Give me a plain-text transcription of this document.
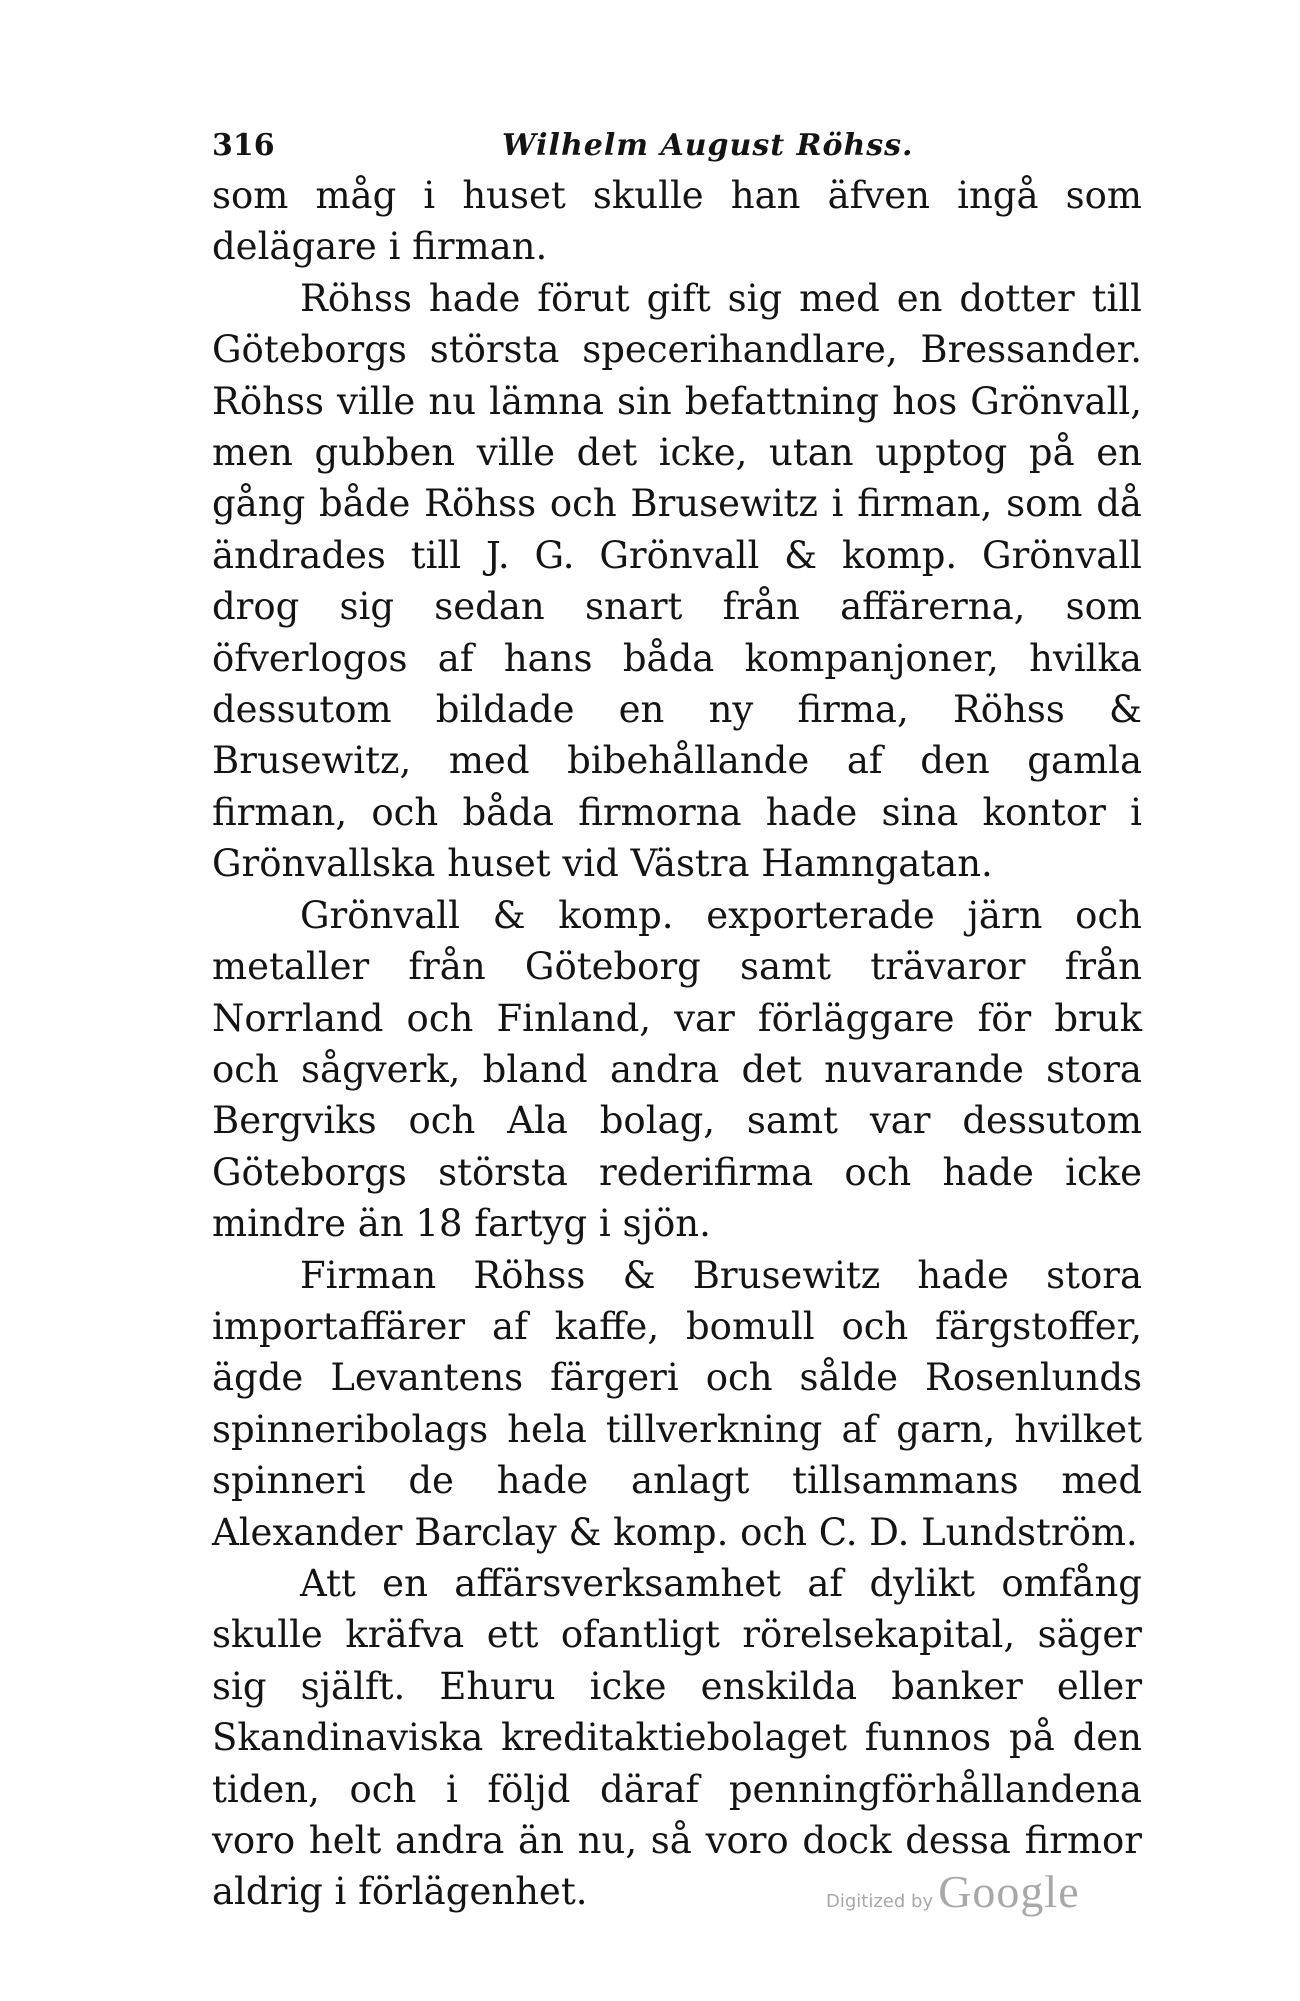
316	Wilhelm August Röhss.

som måg i huset skulle han äfven ingå som delägare i firman.

Röhss hade förut gift sig med en dotter till Göteborgs största specerihandlare, Bressander. Röhss ville nu lämna sin befattning hos Grönvall, men gubben ville det icke, utan upptog på en gång både Röhss och Brusewitz i firman, som då ändrades till J. G. Grönvall & komp. Grönvall drog sig sedan snart från affärerna, som öfverlogos af hans båda kompanjoner, hvilka dessutom bildade en ny firma, Röhss & Brusewitz, med bibehållande af den gamla firman, och båda firmorna hade sina kontor i Grönvallska huset vid Västra Hamngatan.

Grönvall & komp. exporterade järn och metaller från Göteborg samt trävaror från Norrland och Finland, var förläggare för bruk och sågverk, bland andra det nuvarande stora Bergviks och Ala bolag, samt var dessutom Göteborgs största rederifirma och hade icke mindre än 18 fartyg i sjön.

Firman Röhss & Brusewitz hade stora importaffärer af kaffe, bomull och färgstoffer, ägde Levantens färgeri och sålde Rosenlunds spinneribolags hela tillverkning af garn, hvilket spinneri de hade anlagt tillsammans med Alexander Barclay & komp. och C. D. Lundström.

Att en affärsverksamhet af dylikt omfång skulle kräfva ett ofantligt rörelsekapital, säger sig själft. Ehuru icke enskilda banker eller Skandinaviska kreditaktiebolaget funnos på den tiden, och i följd däraf penningförhållandena voro helt andra än nu, så voro dock dessa firmor aldrig i förlägenhet.	Digitized by Google
